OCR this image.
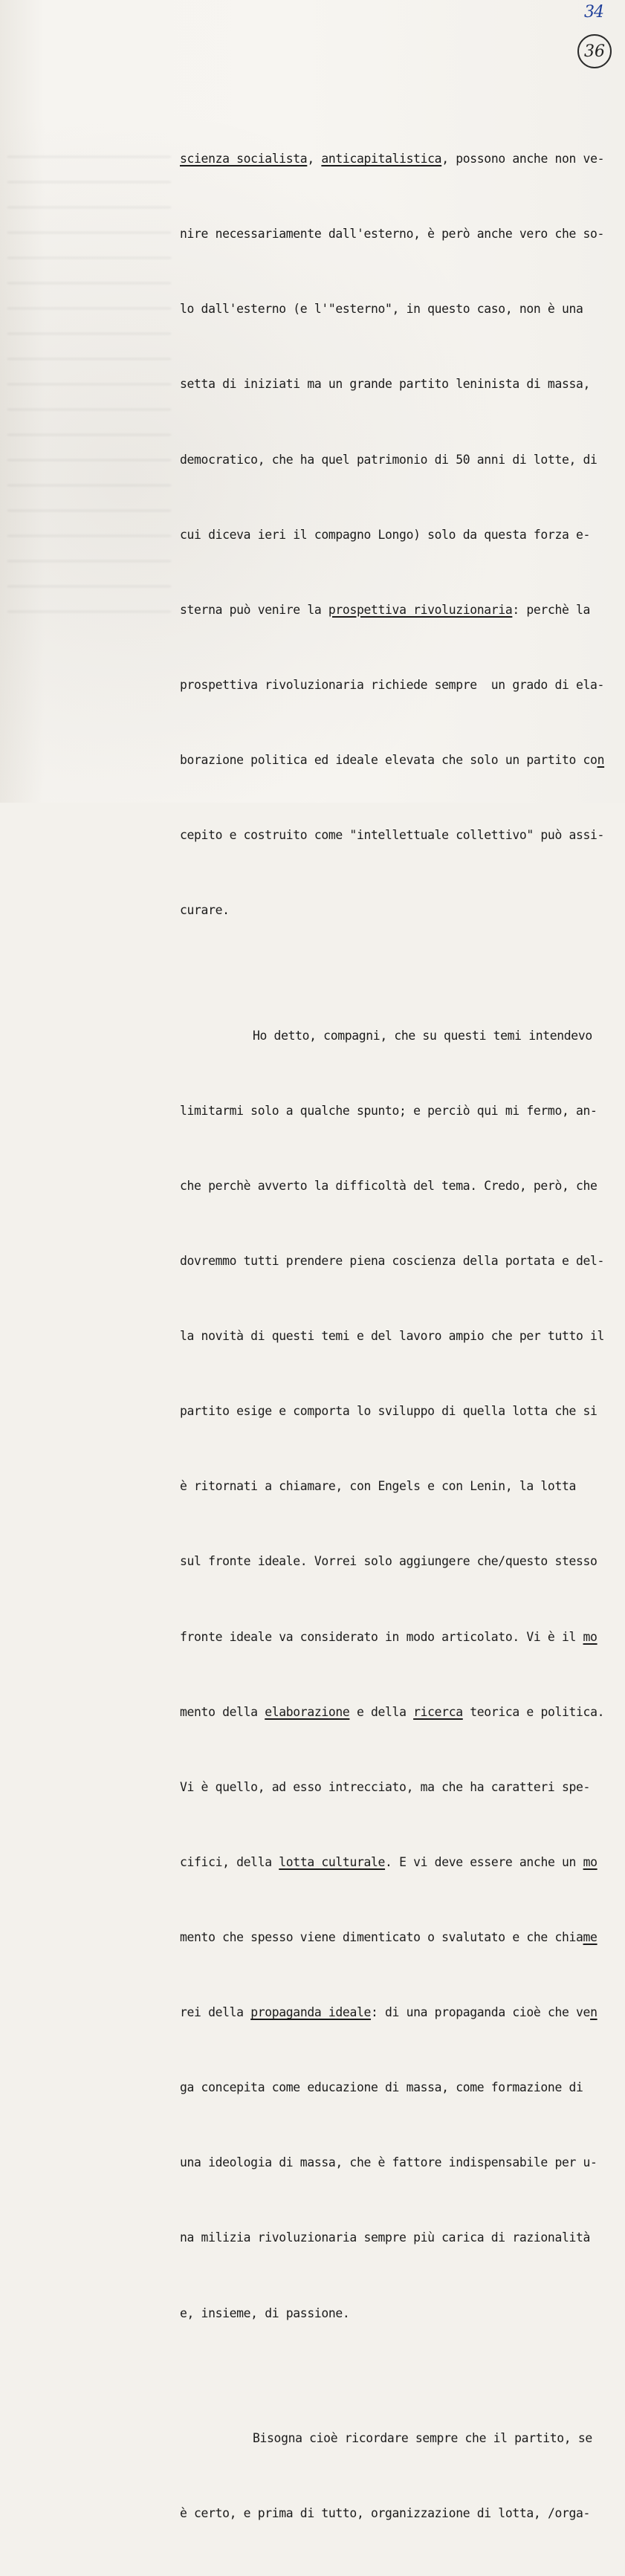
34
36

scienza socialista, anticapitalistica, possono anche non ve-

nire necessariamente dall'esterno, è però anche vero che so-

lo dall'esterno (e l'"esterno", in questo caso, non è una

setta di iniziati ma un grande partito leninista di massa,

democratico, che ha quel patrimonio di 50 anni di lotte, di

cui diceva ieri il compagno Longo) solo da questa forza e-

sterna può venire la prospettiva rivoluzionaria: perchè la

prospettiva rivoluzionaria richiede sempre  un grado di ela-

borazione politica ed ideale elevata che solo un partito con

cepito e costruito come "intellettuale collettivo" può assi-

curare.

Ho detto, compagni, che su questi temi intendevo

limitarmi solo a qualche spunto; e perciò qui mi fermo, an-

che perchè avverto la difficoltà del tema. Credo, però, che

dovremmo tutti prendere piena coscienza della portata e del-

la novità di questi temi e del lavoro ampio che per tutto il

partito esige e comporta lo sviluppo di quella lotta che si

è ritornati a chiamare, con Engels e con Lenin, la lotta

sul fronte ideale. Vorrei solo aggiungere che/questo stesso

fronte ideale va considerato in modo articolato. Vi è il mo

mento della elaborazione e della ricerca teorica e politica.

Vi è quello, ad esso intrecciato, ma che ha caratteri spe-

cifici, della lotta culturale. E vi deve essere anche un mo

mento che spesso viene dimenticato o svalutato e che chiame

rei della propaganda ideale: di una propaganda cioè che ven

ga concepita come educazione di massa, come formazione di

una ideologia di massa, che è fattore indispensabile per u-

na milizia rivoluzionaria sempre più carica di razionalità

e, insieme, di passione.

Bisogna cioè ricordare sempre che il partito, se

è certo, e prima di tutto, organizzazione di lotta, /orga-
